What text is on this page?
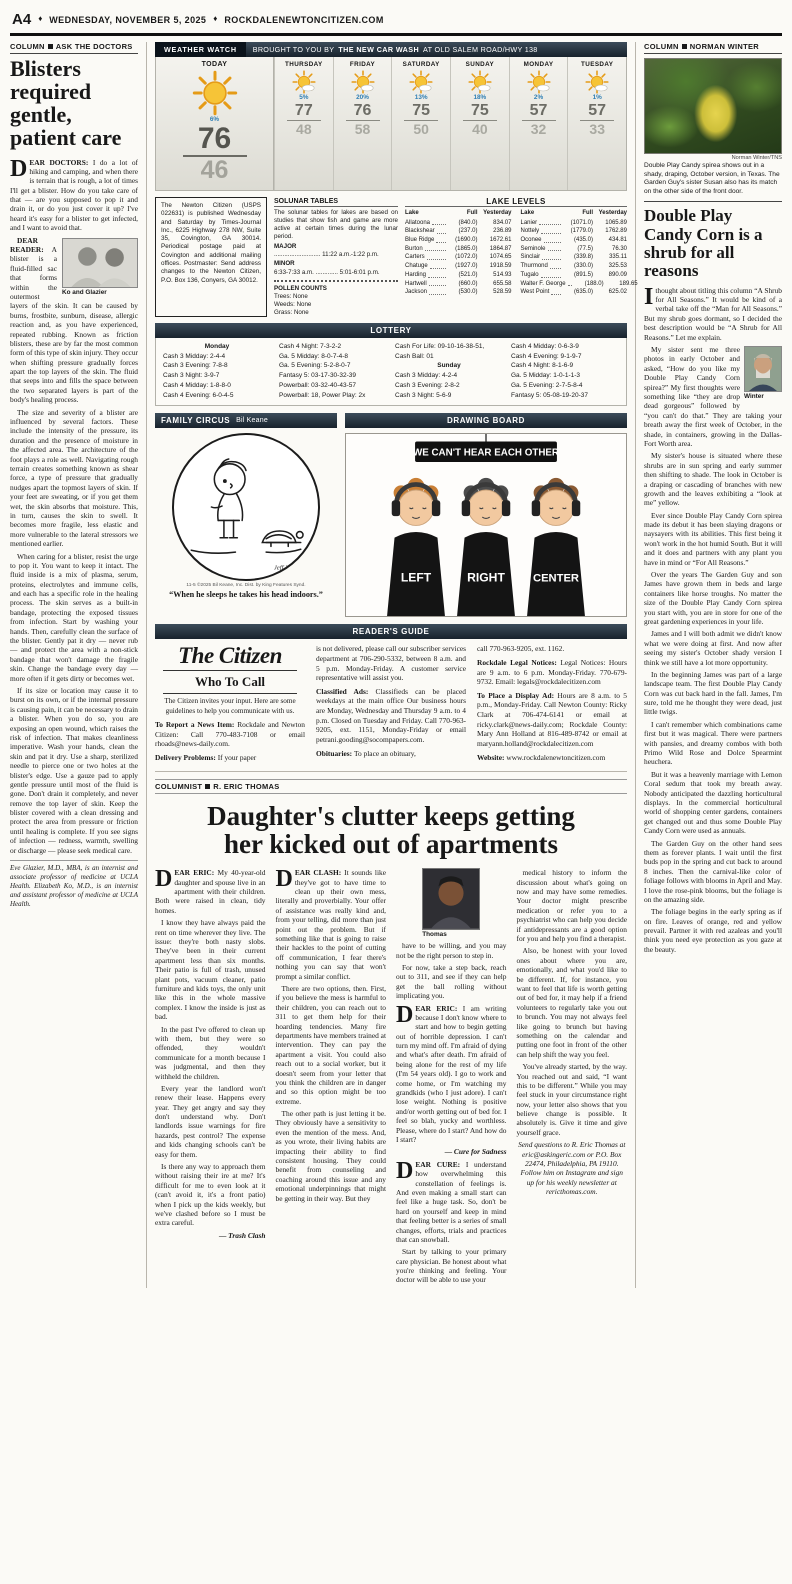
A4 ♦ WEDNESDAY, NOVEMBER 5, 2025 ♦ ROCKDALENEWTONCITIZEN.COM
COLUMN ASK THE DOCTORS
Blisters required gentle, patient care

DEAR DOCTORS: I do a lot of hiking and camping, and when there is terrain that is rough, a lot of times I'll get a blister. How do you take care of that — are you supposed to pop it and drain it, or do you just cover it up? I've heard it's easy for a blister to get infected, and I want to avoid that.

Ko and Glazier

DEAR READER: A blister is a fluid-filled sac that forms within the outermost layers of the skin. It can be caused by burns, frostbite, sunburn, disease, allergic reaction and, as you have experienced, repeated rubbing. Known as friction blisters, these are by far the most common form of this type of skin injury. They occur when shifting pressure gradually forces apart the top layers of the skin. The fluid that seeps into and fills the space between the two separated layers is part of the body's healing process.

The size and severity of a blister are influenced by several factors. These include the intensity of the pressure, its duration and the presence of moisture in the affected area. The architecture of the foot plays a role as well. Navigating rough terrain creates something known as shear force, a type of pressure that gradually nudges apart the topmost layers of skin. If your feet are sweating, or if you get them wet, the skin absorbs that moisture. This, in turn, causes the skin to swell. It becomes more fragile, less elastic and more vulnerable to the lateral stressors we mentioned earlier.

When caring for a blister, resist the urge to pop it. You want to keep it intact. The fluid inside is a mix of plasma, serum, proteins, electrolytes and immune cells, and each has a specific role in the healing process. The skin serves as a built-in bandage, protecting the exposed tissues from infection. Start by washing your hands. Then, carefully clean the surface of the blister. Gently pat it dry — never rub — and protect the area with a non-stick bandage that won't damage the fragile skin. Change the bandage every day — more often if it gets dirty or becomes wet.

If its size or location may cause it to burst on its own, or if the internal pressure is causing pain, it can be necessary to drain a blister. When you do so, you are exposing an open wound, which raises the risk of infection. That makes cleanliness imperative. Wash your hands, clean the skin and pat it dry. Use a sharp, sterilized needle to pierce one or two holes at the blister's edge. Use a gauze pad to apply gentle pressure until most of the fluid is gone. Don't drain it completely, and never remove the top layer of skin. Keep the blister covered with a clean dressing and protect the area from pressure or friction until healing is complete. If you see signs of infection — redness, warmth, swelling or discharge — please seek medical care.

Eve Glazier, M.D., MBA, is an internist and associate professor of medicine at UCLA Health. Elizabeth Ko, M.D., is an internist and assistant professor of medicine at UCLA Health.

WEATHER WATCH	BROUGHT TO YOU BY THE NEW CAR WASH AT OLD SALEM ROAD/HWY 138
TODAY
6%
76
46
THURSDAY
5%
77
48
FRIDAY
20%
76
58
SATURDAY
13%
75
50
SUNDAY
18%
75
40
MONDAY
2%
57
32
TUESDAY
1%
57
33
The Newton Citizen (USPS 022631) is published Wednesday and Saturday by Times-Journal Inc., 6225 Highway 278 NW, Suite 35, Covington, GA 30014. Periodical postage paid at Covington and additional mailing offices. Postmaster: Send address changes to the Newton Citizen, P.O. Box 136, Conyers, GA 30012.
SOLUNAR TABLES
The solunar tables for lakes are based on studies that show fish and game are more active at certain times during the lunar period.
MAJOR
........................... 11:22 a.m.-1:22 p.m.
MINOR
6:33-7:33 a.m. ............. 5:01-6:01 p.m.
POLLEN COUNTS
Trees: None
Weeds: None
Grass: None
LAKE LEVELS
Lake	Full Yesterday
Allatoona	(840.0)	834.07
Blackshear	(237.0)	236.89
Blue Ridge	(1690.0)	1672.61
Burton	(1865.0)	1864.87
Carters	(1072.0)	1074.65
Chatuge	(1927.0)	1918.59
Harding	(521.0)	514.93
Hartwell	(660.0)	655.58
Jackson	(530.0)	528.59
Lake	Full Yesterday
Lanier	(1071.0)	1065.89
Nottely	(1779.0)	1762.89
Oconee	(435.0)	434.81
Seminole	(77.5)	76.30
Sinclair	(339.8)	335.11
Thurmond	(330.0)	325.53
Tugalo	(891.5)	890.09
Walter F. George	(188.0)	189.65
West Point	(635.0)	625.02
LOTTERY
Monday
Cash 3 Midday: 2-4-4
Cash 3 Evening: 7-8-8
Cash 3 Night: 3-9-7
Cash 4 Midday: 1-8-8-0
Cash 4 Evening: 6-0-4-5
Cash 4 Night: 7-3-2-2
Ga. 5 Midday: 8-0-7-4-8
Ga. 5 Evening: 5-2-8-0-7
Fantasy 5: 03-17-30-32-39
Powerball: 03-32-40-43-57
Powerball: 18, Power Play: 2x
Cash For Life: 09-10-16-38-51,
Cash Ball: 01
Sunday
Cash 3 Midday: 4-2-4
Cash 3 Evening: 2-8-2
Cash 3 Night: 5-6-9
Cash 4 Midday: 0-6-3-9
Cash 4 Evening: 9-1-9-7
Cash 4 Night: 8-1-6-9
Ga. 5 Midday: 1-0-1-1-3
Ga. 5 Evening: 2-7-5-8-4
Fantasy 5: 05-08-19-20-37
FAMILY CIRCUS Bil Keane
Jeff Keane
11-5 ©2025 Bil Keane, Inc. Dist. by King Features Synd.
“When he sleeps he takes his head indoors.”
DRAWING BOARD
WE CAN'T HEAR EACH OTHER
LEFT	RIGHT CENTER
READER'S GUIDE
The Citizen
Who To Call
The Citizen invites your input. Here are some guidelines to help you communicate with us.

To Report a News Item: Rockdale and Newton Citizen: Call 770-483-7108 or email rhoads@news-daily.com.

Delivery Problems: If your paper

is not delivered, please call our subscriber services department at 706-290-5332, between 8 a.m. and 5 p.m. Monday-Friday. A customer service representative will assist you.

Classified Ads: Classifieds can be placed weekdays at the main office Our business hours are Monday, Wednesday and Thursday 9 a.m. to 4 p.m. Closed on Tuesday and Friday. Call 770-963-9205, ext. 1151, Monday-Friday or email petrani.gooding@socompapers.com.

Obituaries: To place an obituary,

call 770-963-9205, ext. 1162.

Rockdale Legal Notices: Legal Notices: Hours are 9 a.m. to 6 p.m. Monday-Friday. 770-679-9732. Email: legals@rockdalecitizen.com

To Place a Display Ad: Hours are 8 a.m. to 5 p.m., Monday-Friday. Call Newton County: Ricky Clark at 706-474-6141 or email at ricky.clark@news-daily.com; Rockdale County: Mary Ann Holland at 816-489-8742 or email at maryann.holland@rockdalecitizen.com

Website: www.rockdalenewtoncitizen.com

COLUMNIST R. ERIC THOMAS
Daughter's clutter keeps getting
her kicked out of apartments

DEAR ERIC: My 40-year-old daughter and spouse live in an apartment with their children. Both were raised in clean, tidy homes.

I know they have always paid the rent on time wherever they live. The issue: they're both nasty slobs. They've been in their current apartment less than six months. Their patio is full of trash, unused plant pots, vacuum cleaner, patio furniture and kids toys, the only unit like this in the whole massive complex. I know the inside is just as bad.

In the past I've offered to clean up with them, but they were so offended, they wouldn't communicate for a month because I was judgmental, and then they withheld the children.

Every year the landlord won't renew their lease. Happens every year. They get angry and say they don't understand why. Don't landlords issue warnings for fire hazards, pest control? The expense and kids changing schools can't be easy for them.

Is there any way to approach them without raising their ire at me? It's difficult for me to even look at it (can't avoid it, it's a front patio) when I pick up the kids weekly, but we've clashed before so I must be extra careful.

— Trash Clash

DEAR CLASH: It sounds like they've got to have time to clean up their own mess, literally and proverbially. Your offer of assistance was really kind and, from your telling, did more than just point out the problem. But if something like that is going to raise their hackles to the point of cutting off communication, I fear there's nothing you can say that won't prompt a similar conflict.

There are two options, then. First, if you believe the mess is harmful to their children, you can reach out to 311 to get them help for their hoarding tendencies. Many fire departments have members trained at intervention. They can pay the apartment a visit. You could also reach out to a social worker, but it doesn't seem from your letter that you think the children are in danger and so this option might be too extreme.

The other path is just letting it be. They obviously have a sensitivity to even the mention of the mess. And, as you wrote, their living habits are impacting their ability to find consistent housing. They could benefit from counseling and coaching around this issue and any emotional underpinnings that might be getting in their way. But they

Thomas

have to be willing, and you may not be the right person to step in.

For now, take a step back, reach out to 311, and see if they can help get the ball rolling without implicating you.

DEAR ERIC: I am writing because I don't know where to start and how to begin getting out of horrible depression. I can't turn my mind off. I'm afraid of dying and what's after death. I'm afraid of being alone for the rest of my life (I'm 54 years old). I go to work and come home, or I'm watching my grandkids (who I just adore). I can't lose weight. Nothing is positive and/or worth getting out of bed for. I feel so blah, yucky and worthless. Please, where do I start? And how do I start?

— Cure for Sadness

DEAR CURE: I understand how overwhelming this constellation of feelings is. And even making a small start can feel like a huge task. So, don't be hard on yourself and keep in mind that feeling better is a series of small changes, efforts, trials and practices that can snowball.

Start by talking to your primary care physician. Be honest about what you're thinking and feeling. Your doctor will be able to use your

medical history to inform the discussion about what's going on now and may have some remedies. Your doctor might prescribe medication or refer you to a psychiatrist who can help you decide if antidepressants are a good option for you and help you find a therapist.

Also, be honest with your loved ones about where you are, emotionally, and what you'd like to be different. If, for instance, you want to feel that life is worth getting out of bed for, it may help if a friend volunteers to regularly take you out to brunch. You may not always feel like going to brunch but having something on the calendar and putting one foot in front of the other can help shift the way you feel.

You've already started, by the way. You reached out and said, “I want this to be different.” While you may feel stuck in your circumstance right now, your letter also shows that you believe change is possible. It absolutely is. Give it time and give yourself grace.

Send questions to R. Eric Thomas at eric@askingeric.com or P.O. Box 22474, Philadelphia, PA 19110. Follow him on Instagram and sign up for his weekly newsletter at rericthomas.com.

COLUMN NORMAN WINTER
Norman Winter/TNS
Double Play Candy spirea shows out in a shady, draping, October version, in Texas. The Garden Guy's sister Susan also has its match on the other side of the front door.
Double Play Candy Corn is a shrub for all reasons

Ithought about titling this column “A Shrub for All Seasons.” It would be kind of a verbal take off the “Man for All Seasons.” But my shrub goes dormant, so I decided the best description would be “A Shrub for All Reasons.” Let me explain.

Winter

My sister sent me three photos in early October and asked, “How do you like my Double Play Candy Corn spirea?” My first thoughts were something like “they are drop dead gorgeous” followed by “you can't do that.” They are taking your breath away the first week of October, in the shade, in containers, growing in the Dallas-Fort Worth area.

My sister's house is situated where these shrubs are in sun spring and early summer then shifting to shade. The look in October is a draping or cascading of branches with new growth and the leaves exhibiting a “look at me” yellow.

Ever since Double Play Candy Corn spirea made its debut it has been slaying dragons or naysayers with its abilities. This first being it won't work in the hot humid South. But it will and it does and partners with any plant you have in mind or “For All Reasons.”

Over the years The Garden Guy and son James have grown them in beds and large containers like horse troughs. No matter the size of the Double Play Candy Corn spirea you start with, you are in store for one of the great gardening experiences in your life.

James and I will both admit we didn't know what we were doing at first. And now after seeing my sister's October shady version I think we still have a lot more opportunity.

In the beginning James was part of a large landscape team. The first Double Play Candy Corn was cut back hard in the fall. James, I'm sure, told me he thought they were dead, just little twigs.

I can't remember which combinations came first but it was magical. There were partners with pansies, and dreamy combos with both Primo Wild Rose and Dolce Spearmint heuchera.

But it was a heavenly marriage with Lemon Coral sedum that took my breath away. Nobody anticipated the dazzling horticultural displays. In the commercial horticultural world of shopping center gardens, containers get changed out and thus some Double Play Candy Corn were used as annuals.

The Garden Guy on the other hand sees them as forever plants. I wait until the first buds pop in the spring and cut back to around 8 inches. Then the carnival-like color of foliage follows with blooms in April and May. I love the rose-pink blooms, but the foliage is on the amazing side.

The foliage begins in the early spring as if on fire. Leaves of orange, red and yellow prevail. Partner it with red azaleas and you'll think you need eye protection as you gaze at the beauty.
